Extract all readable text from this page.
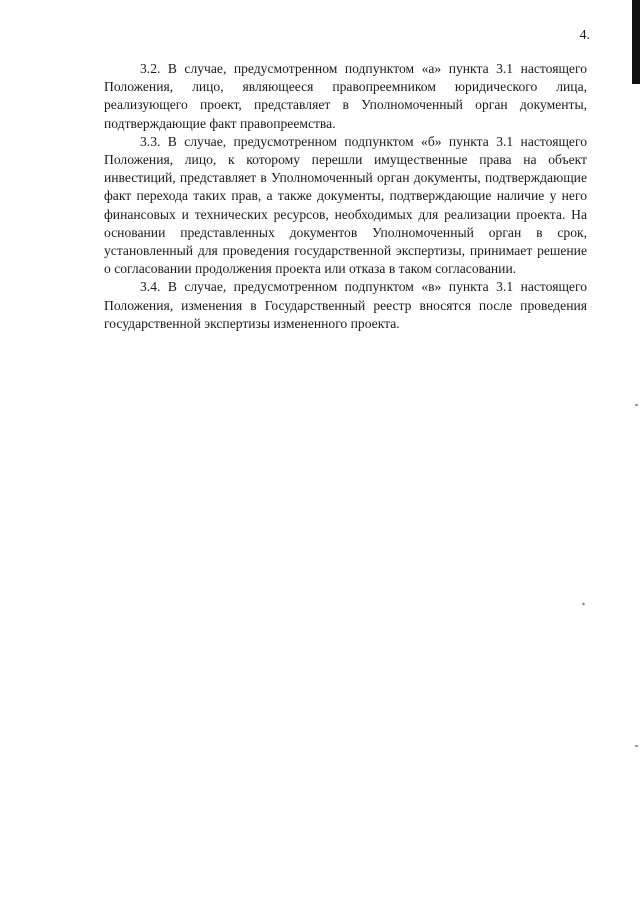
4.

3.2. В случае, предусмотренном подпунктом «а» пункта 3.1 настоящего Положения, лицо, являющееся правопреемником юридического лица, реализующего проект, представляет в Уполномоченный орган документы, подтверждающие факт правопреемства.

3.3. В случае, предусмотренном подпунктом «б» пункта 3.1 настоящего Положения, лицо, к которому перешли имущественные права на объект инвестиций, представляет в Уполномоченный орган документы, подтверждающие факт перехода таких прав, а также документы, подтверждающие наличие у него финансовых и технических ресурсов, необходимых для реализации проекта. На основании представленных документов Уполномоченный орган в срок, установленный для проведения государственной экспертизы, принимает решение о согласовании продолжения проекта или отказа в таком согласовании.

3.4. В случае, предусмотренном подпунктом «в» пункта 3.1 настоящего Положения, изменения в Государственный реестр вносятся после проведения государственной экспертизы измененного проекта.
